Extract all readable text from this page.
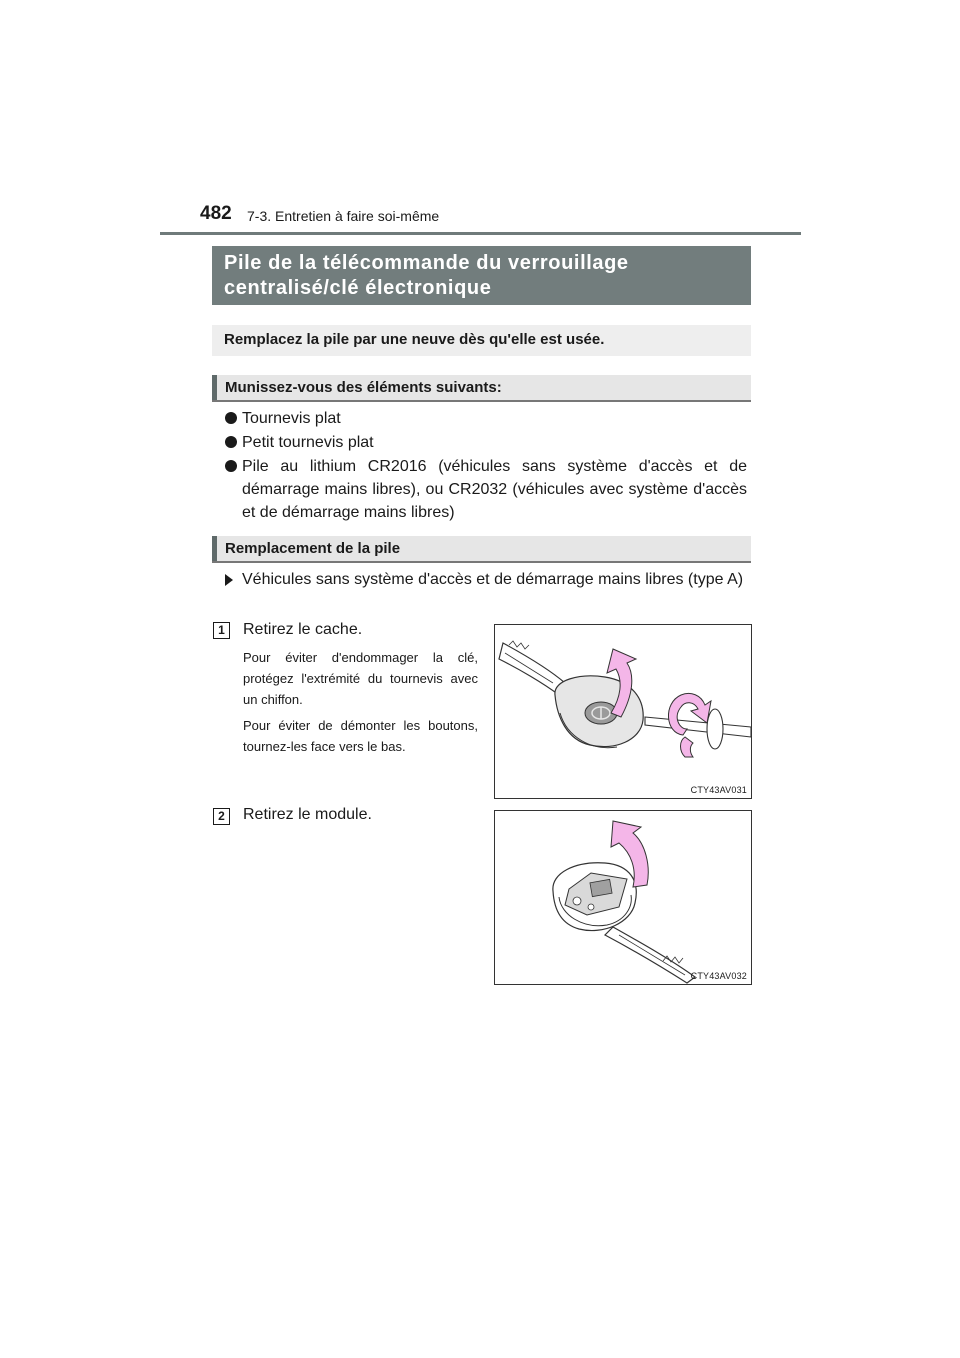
482 7-3. Entretien à faire soi-même
Pile de la télécommande du verrouillage centralisé/clé électronique
Remplacez la pile par une neuve dès qu'elle est usée.
Munissez-vous des éléments suivants:
Tournevis plat
Petit tournevis plat
Pile au lithium CR2016 (véhicules sans système d'accès et de démarrage mains libres), ou CR2032 (véhicules avec système d'accès et de démarrage mains libres)
Remplacement de la pile
Véhicules sans système d'accès et de démarrage mains libres (type A)
1	Retirez le cache.
Pour éviter d'endommager la clé, protégez l'extrémité du tournevis avec un chiffon.
Pour éviter de démonter les boutons, tournez-les face vers le bas.
CTY43AV031
2	Retirez le module.
CTY43AV032
